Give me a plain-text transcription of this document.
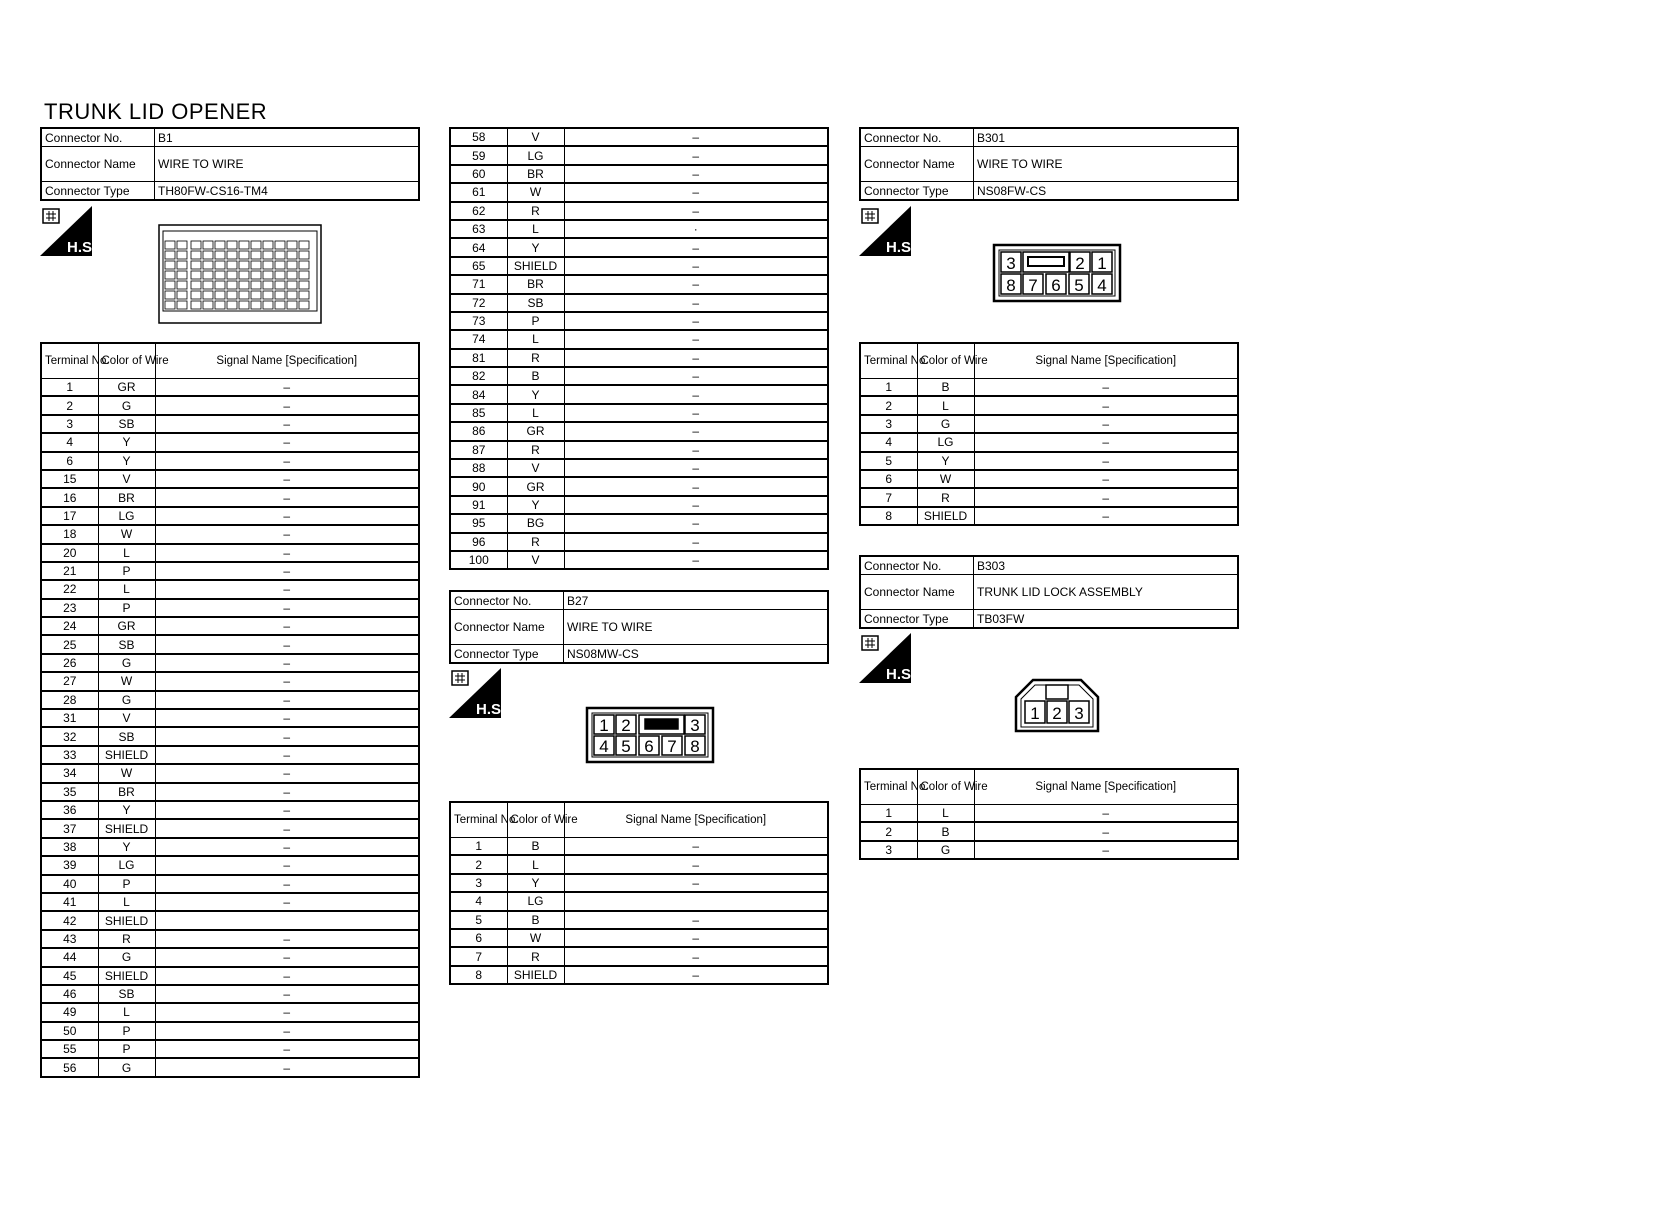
TRUNK LID OPENER
Connector No.	B1
Connector Name	WIRE TO WIRE
Connector Type	TH80FW-CS16-TM4
H.S.
Terminal No.	Color of Wire	Signal Name [Specification]
1	GR	–
2	G	–
3	SB	–
4	Y	–
6	Y	–
15	V	–
16	BR	–
17	LG	–
18	W	–
20	L	–
21	P	–
22	L	–
23	P	–
24	GR	–
25	SB	–
26	G	–
27	W	–
28	G	–
31	V	–
32	SB	–
33	SHIELD	–
34	W	–
35	BR	–
36	Y	–
37	SHIELD	–
38	Y	–
39	LG	–
40	P	–
41	L	–
42	SHIELD	
43	R	–
44	G	–
45	SHIELD	–
46	SB	–
49	L	–
50	P	–
55	P	–
56	G	–
58	V	–
59	LG	–
60	BR	–
61	W	–
62	R	–
63	L	·
64	Y	–
65	SHIELD	–
71	BR	–
72	SB	–
73	P	–
74	L	–
81	R	–
82	B	–
84	Y	–
85	L	–
86	GR	–
87	R	–
88	V	–
90	GR	–
91	Y	–
95	BG	–
96	R	–
100	V	–
Connector No.	B27
Connector Name	WIRE TO WIRE
Connector Type	NS08MW-CS
H.S.
1 2	3
4 5 6 7 8
Terminal No.	Color of Wire	Signal Name [Specification]
1	B	–
2	L	–
3	Y	–
4	LG	
5	B	–
6	W	–
7	R	–
8	SHIELD	–
Connector No.	B301
Connector Name	WIRE TO WIRE
Connector Type	NS08FW-CS
H.S.
3	2 1
8 7 6 5 4
Terminal No.	Color of Wire	Signal Name [Specification]
1	B	–
2	L	–
3	G	–
4	LG	–
5	Y	–
6	W	–
7	R	–
8	SHIELD	–
Connector No.	B303
Connector Name	TRUNK LID LOCK ASSEMBLY
Connector Type	TB03FW
H.S.
1 2 3
Terminal No.	Color of Wire	Signal Name [Specification]
1	L	–
2	B	–
3	G	–
